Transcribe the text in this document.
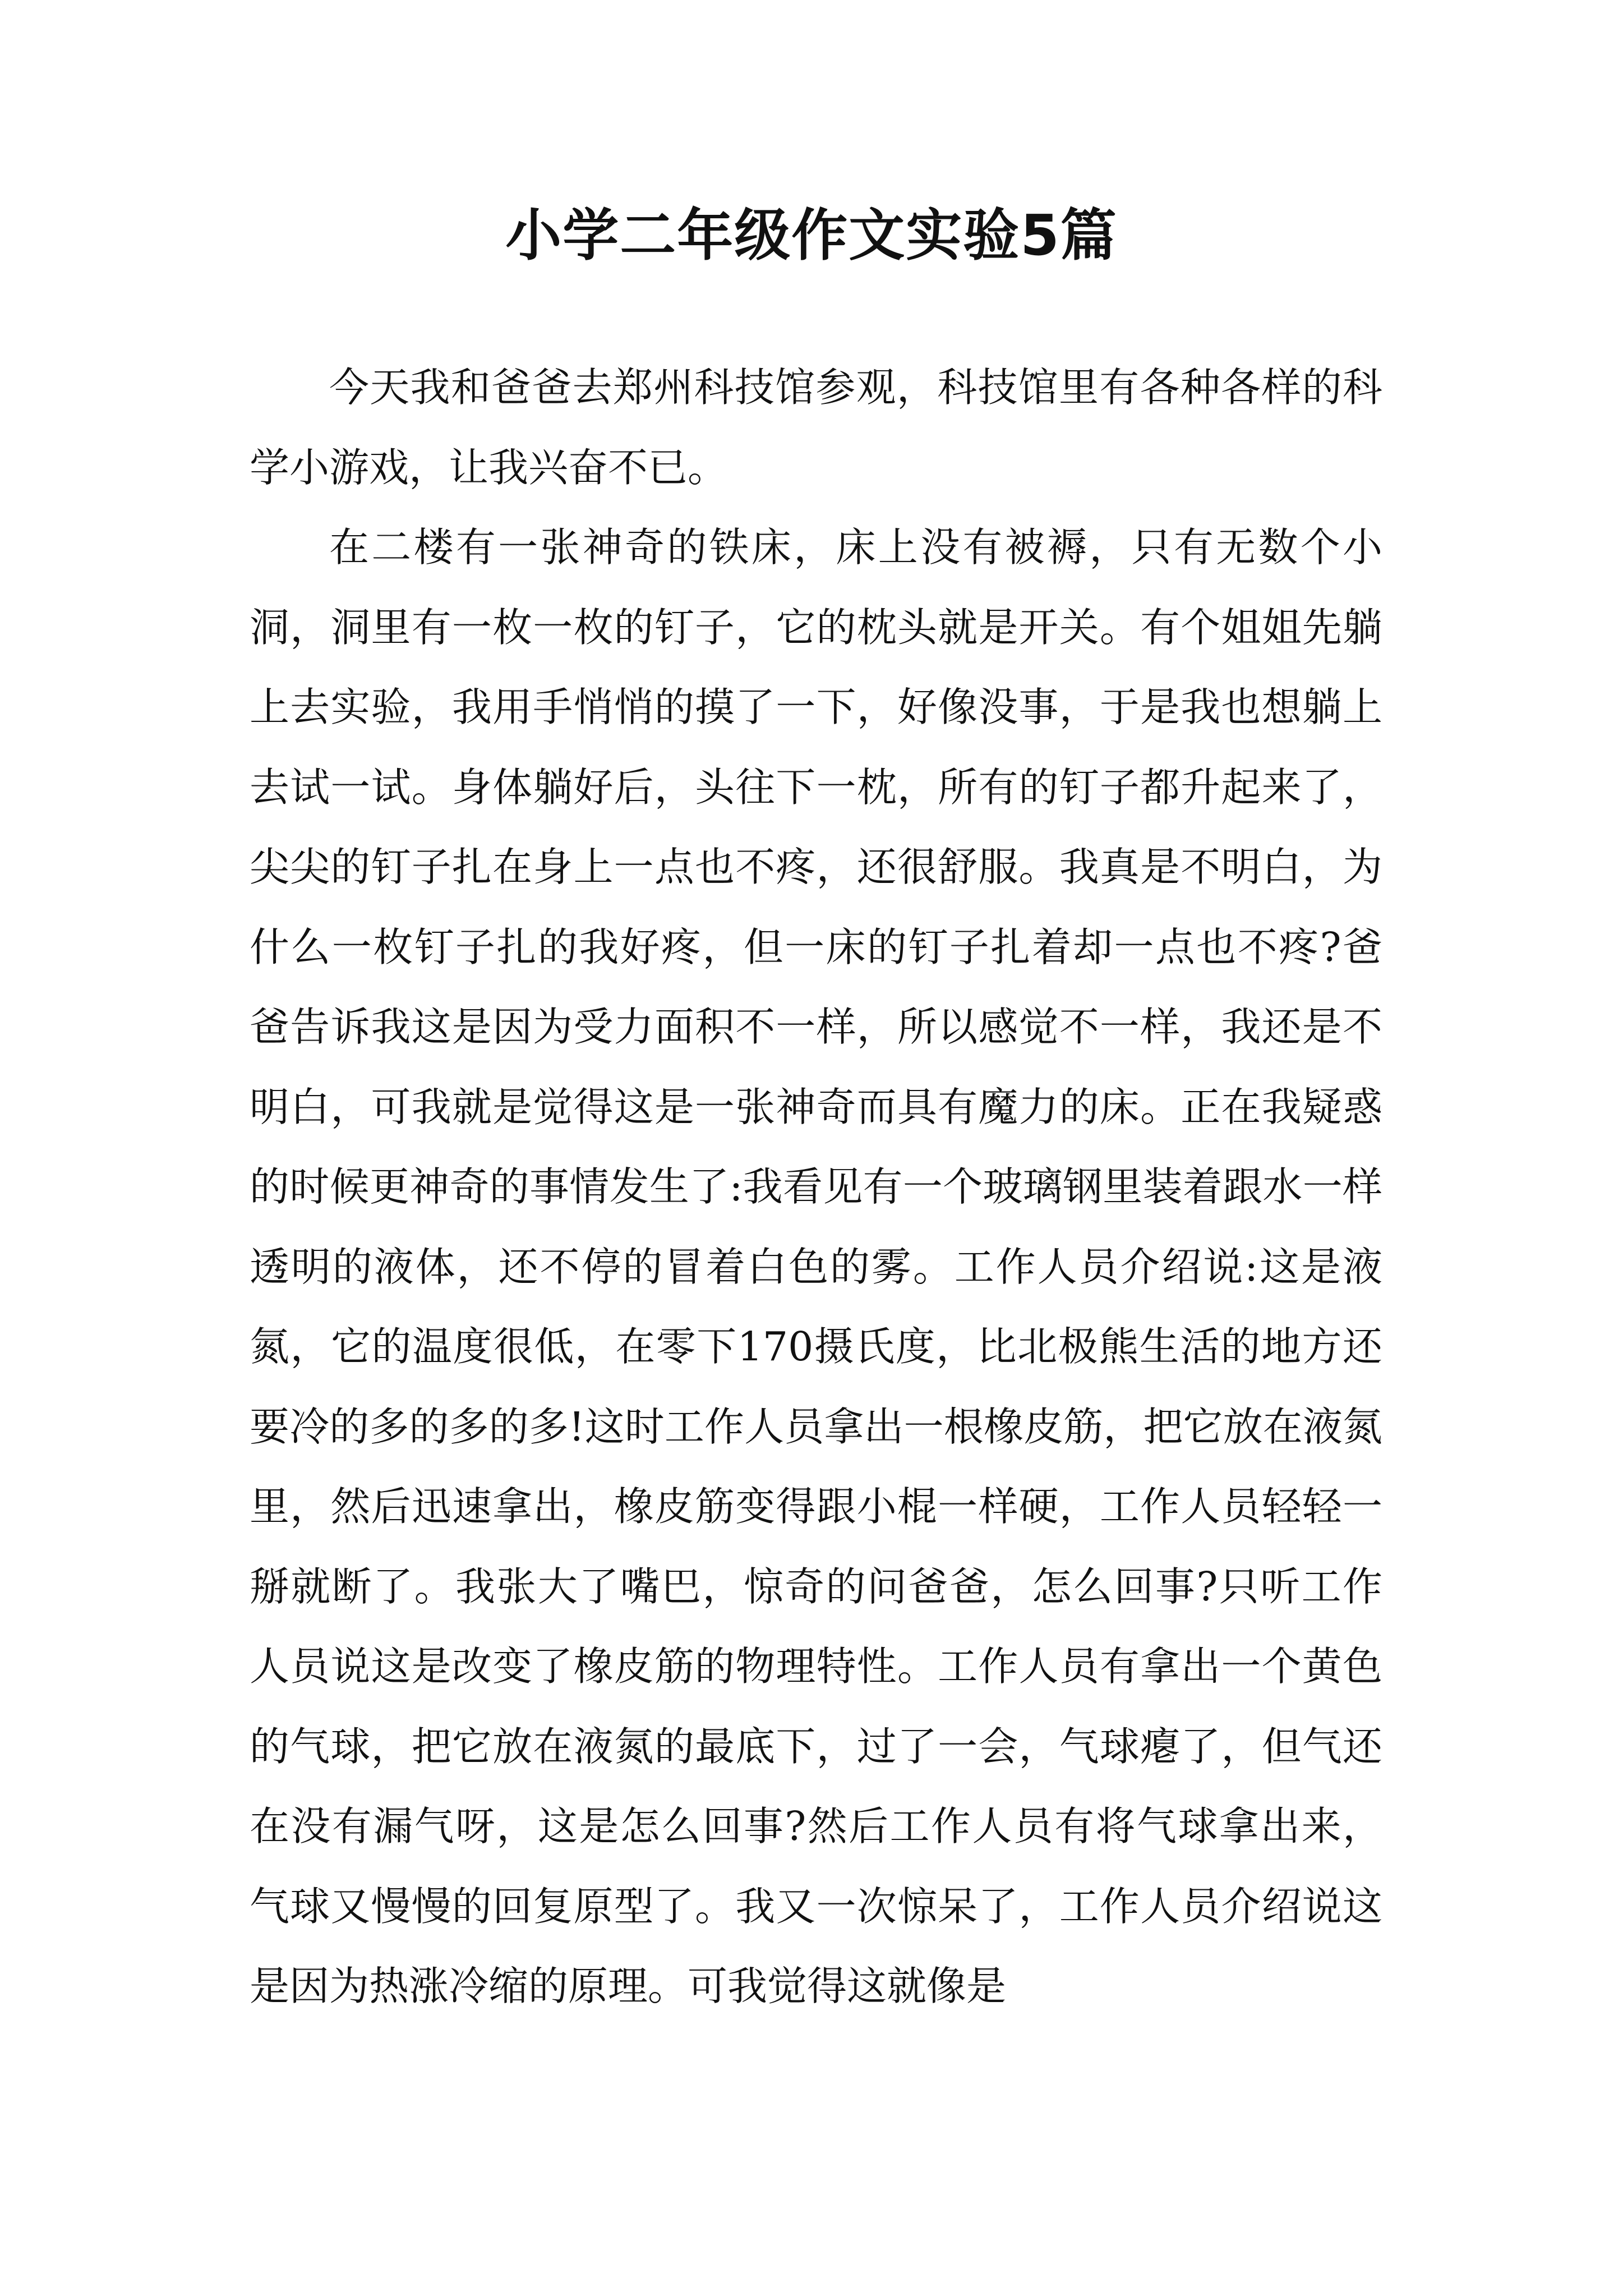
小学二年级作文实验5篇

今天我和爸爸去郑州科技馆参观，科技馆里有各种各样的科学小游戏，让我兴奋不已。

在二楼有一张神奇的铁床，床上没有被褥，只有无数个小洞，洞里有一枚一枚的钉子，它的枕头就是开关。有个姐姐先躺上去实验，我用手悄悄的摸了一下，好像没事，于是我也想躺上去试一试。身体躺好后，头往下一枕，所有的钉子都升起来了，尖尖的钉子扎在身上一点也不疼，还很舒服。我真是不明白，为什么一枚钉子扎的我好疼，但一床的钉子扎着却一点也不疼?爸爸告诉我这是因为受力面积不一样，所以感觉不一样，我还是不明白，可我就是觉得这是一张神奇而具有魔力的床。正在我疑惑的时候更神奇的事情发生了:我看见有一个玻璃钢里装着跟水一样透明的液体，还不停的冒着白色的雾。工作人员介绍说:这是液氮，它的温度很低，在零下170摄氏度，比北极熊生活的地方还要冷的多的多的多!这时工作人员拿出一根橡皮筋，把它放在液氮里，然后迅速拿出，橡皮筋变得跟小棍一样硬，工作人员轻轻一掰就断了。我张大了嘴巴，惊奇的问爸爸，怎么回事?只听工作人员说这是改变了橡皮筋的物理特性。工作人员有拿出一个黄色的气球，把它放在液氮的最底下，过了一会，气球瘪了，但气还在没有漏气呀，这是怎么回事?然后工作人员有将气球拿出来，气球又慢慢的回复原型了。我又一次惊呆了，工作人员介绍说这是因为热涨冷缩的原理。可我觉得这就像是
